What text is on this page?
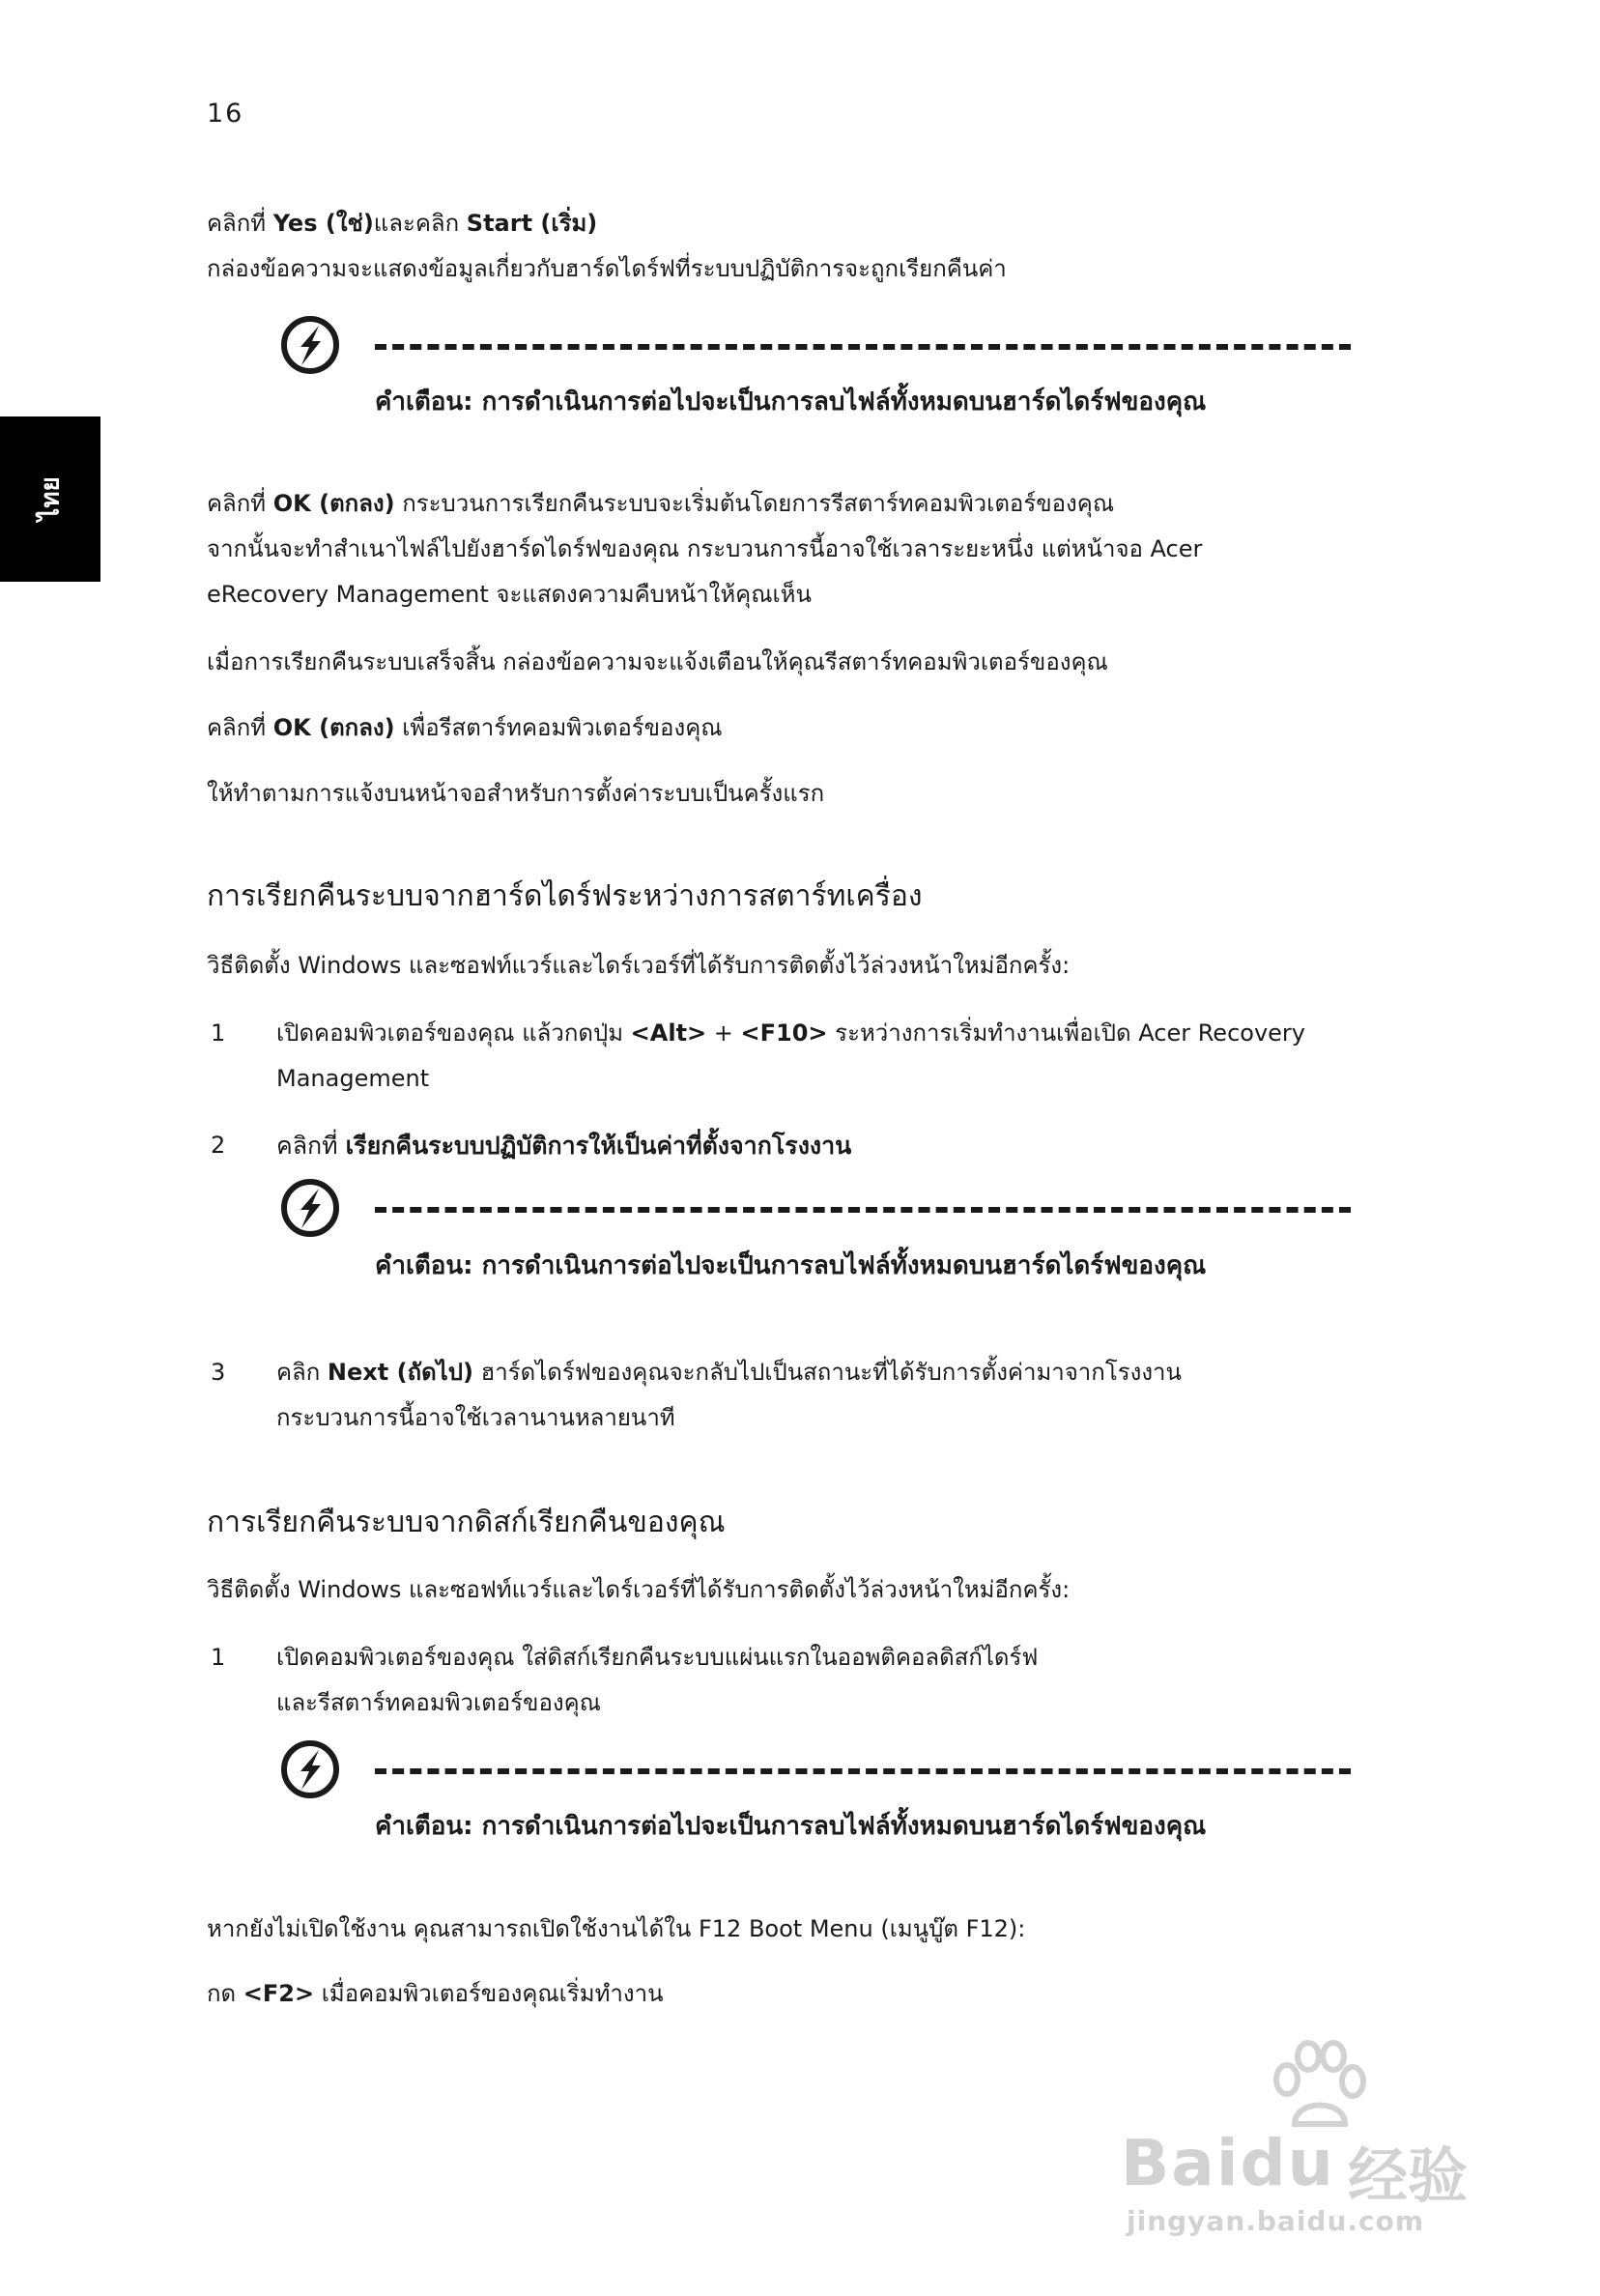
16
ไทย
คลิกที่ Yes (ใช่)และคลิก Start (เริ่ม)
กล่องข้อความจะแสดงข้อมูลเกี่ยวกับฮาร์ดไดร์ฟที่ระบบปฏิบัติการจะถูกเรียกคืนค่า
คำเตือน: การดำเนินการต่อไปจะเป็นการลบไฟล์ทั้งหมดบนฮาร์ดไดร์ฟของคุณ
คลิกที่ OK (ตกลง) กระบวนการเรียกคืนระบบจะเริ่มต้นโดยการรีสตาร์ทคอมพิวเตอร์ของคุณ
จากนั้นจะทำสำเนาไฟล์ไปยังฮาร์ดไดร์ฟของคุณ กระบวนการนี้อาจใช้เวลาระยะหนึ่ง แต่หน้าจอ Acer
eRecovery Management จะแสดงความคืบหน้าให้คุณเห็น
เมื่อการเรียกคืนระบบเสร็จสิ้น กล่องข้อความจะแจ้งเตือนให้คุณรีสตาร์ทคอมพิวเตอร์ของคุณ
คลิกที่ OK (ตกลง) เพื่อรีสตาร์ทคอมพิวเตอร์ของคุณ
ให้ทำตามการแจ้งบนหน้าจอสำหรับการตั้งค่าระบบเป็นครั้งแรก
การเรียกคืนระบบจากฮาร์ดไดร์ฟระหว่างการสตาร์ทเครื่อง
วิธีติดตั้ง Windows และซอฟท์แวร์และไดร์เวอร์ที่ได้รับการติดตั้งไว้ล่วงหน้าใหม่อีกครั้ง:
1 เปิดคอมพิวเตอร์ของคุณ แล้วกดปุ่ม <Alt> + <F10> ระหว่างการเริ่มทำงานเพื่อเปิด Acer Recovery
Management
2 คลิกที่ เรียกคืนระบบปฏิบัติการให้เป็นค่าที่ตั้งจากโรงงาน
คำเตือน: การดำเนินการต่อไปจะเป็นการลบไฟล์ทั้งหมดบนฮาร์ดไดร์ฟของคุณ
3 คลิก Next (ถัดไป) ฮาร์ดไดร์ฟของคุณจะกลับไปเป็นสถานะที่ได้รับการตั้งค่ามาจากโรงงาน
กระบวนการนี้อาจใช้เวลานานหลายนาที
การเรียกคืนระบบจากดิสก์เรียกคืนของคุณ
วิธีติดตั้ง Windows และซอฟท์แวร์และไดร์เวอร์ที่ได้รับการติดตั้งไว้ล่วงหน้าใหม่อีกครั้ง:
1 เปิดคอมพิวเตอร์ของคุณ ใส่ดิสก์เรียกคืนระบบแผ่นแรกในออพติคอลดิสก์ไดร์ฟ
และรีสตาร์ทคอมพิวเตอร์ของคุณ
คำเตือน: การดำเนินการต่อไปจะเป็นการลบไฟล์ทั้งหมดบนฮาร์ดไดร์ฟของคุณ
หากยังไม่เปิดใช้งาน คุณสามารถเปิดใช้งานได้ใน F12 Boot Menu (เมนูบู๊ต F12):
กด <F2> เมื่อคอมพิวเตอร์ของคุณเริ่มทำงาน
Baidu 经验
jingyan.baidu.com
